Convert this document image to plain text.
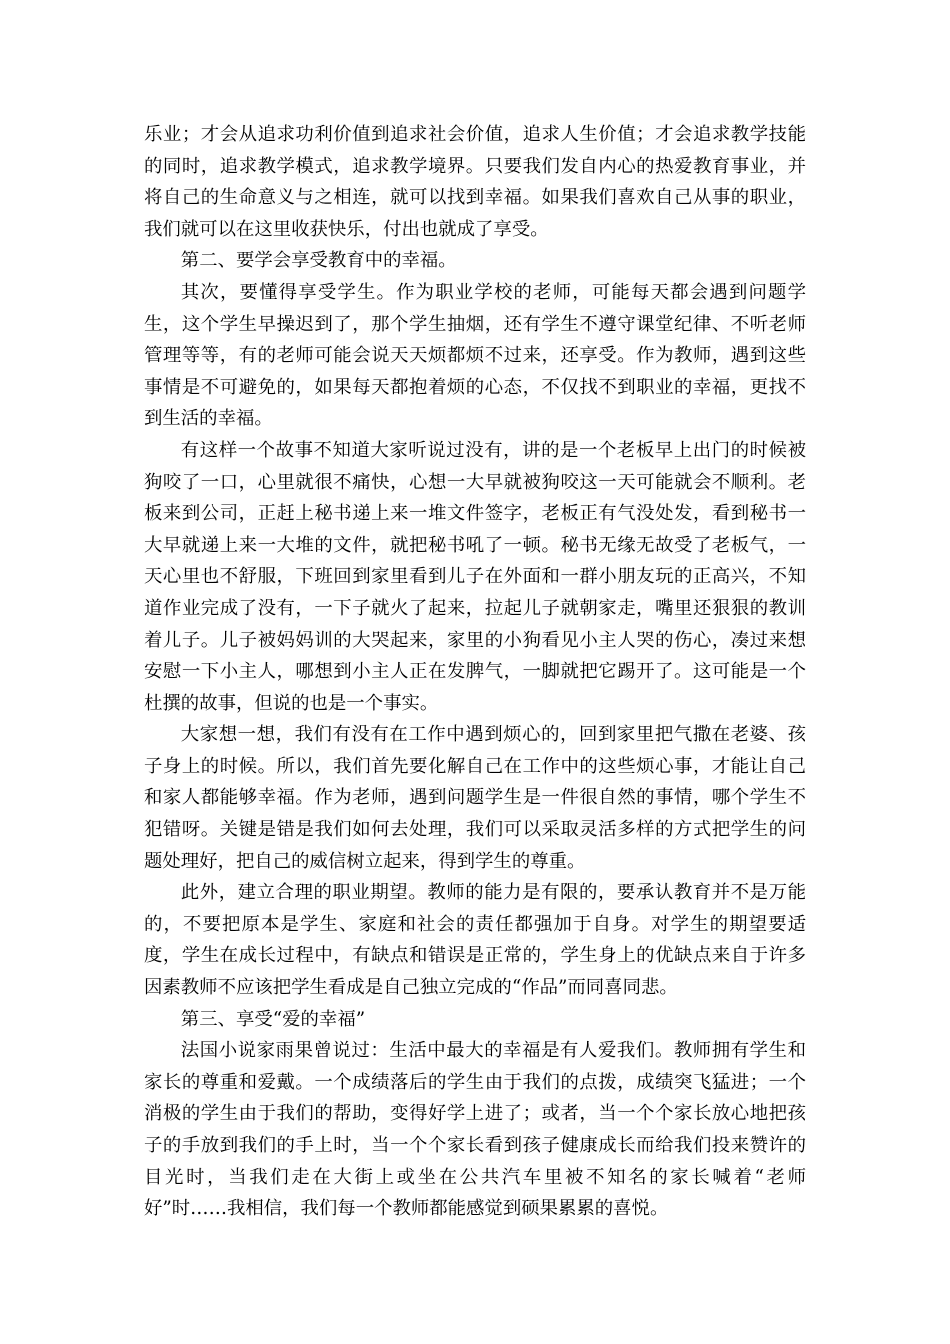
乐业；才会从追求功利价值到追求社会价值，追求人生价值；才会追求教学技能的同时，追求教学模式，追求教学境界。只要我们发自内心的热爱教育事业，并将自己的生命意义与之相连，就可以找到幸福。如果我们喜欢自己从事的职业，我们就可以在这里收获快乐，付出也就成了享受。

第二、要学会享受教育中的幸福。

其次，要懂得享受学生。作为职业学校的老师，可能每天都会遇到问题学生，这个学生早操迟到了，那个学生抽烟，还有学生不遵守课堂纪律、不听老师管理等等，有的老师可能会说天天烦都烦不过来，还享受。作为教师，遇到这些事情是不可避免的，如果每天都抱着烦的心态，不仅找不到职业的幸福，更找不到生活的幸福。

有这样一个故事不知道大家听说过没有，讲的是一个老板早上出门的时候被狗咬了一口，心里就很不痛快，心想一大早就被狗咬这一天可能就会不顺利。老板来到公司，正赶上秘书递上来一堆文件签字，老板正有气没处发，看到秘书一大早就递上来一大堆的文件，就把秘书吼了一顿。秘书无缘无故受了老板气，一天心里也不舒服，下班回到家里看到儿子在外面和一群小朋友玩的正高兴，不知道作业完成了没有，一下子就火了起来，拉起儿子就朝家走，嘴里还狠狠的教训着儿子。儿子被妈妈训的大哭起来，家里的小狗看见小主人哭的伤心，凑过来想安慰一下小主人，哪想到小主人正在发脾气，一脚就把它踢开了。这可能是一个杜撰的故事，但说的也是一个事实。

大家想一想，我们有没有在工作中遇到烦心的，回到家里把气撒在老婆、孩子身上的时候。所以，我们首先要化解自己在工作中的这些烦心事，才能让自己和家人都能够幸福。作为老师，遇到问题学生是一件很自然的事情，哪个学生不犯错呀。关键是错是我们如何去处理，我们可以采取灵活多样的方式把学生的问题处理好，把自己的威信树立起来，得到学生的尊重。

此外，建立合理的职业期望。教师的能力是有限的，要承认教育并不是万能的，不要把原本是学生、家庭和社会的责任都强加于自身。对学生的期望要适度，学生在成长过程中，有缺点和错误是正常的，学生身上的优缺点来自于许多因素教师不应该把学生看成是自己独立完成的“作品”而同喜同悲。

第三、享受“爱的幸福”

法国小说家雨果曾说过：生活中最大的幸福是有人爱我们。教师拥有学生和家长的尊重和爱戴。一个成绩落后的学生由于我们的点拨，成绩突飞猛进；一个消极的学生由于我们的帮助，变得好学上进了；或者，当一个个家长放心地把孩子的手放到我们的手上时，当一个个家长看到孩子健康成长而给我们投来赞许的目光时，当我们走在大街上或坐在公共汽车里被不知名的家长喊着“老师好”时……我相信，我们每一个教师都能感觉到硕果累累的喜悦。
